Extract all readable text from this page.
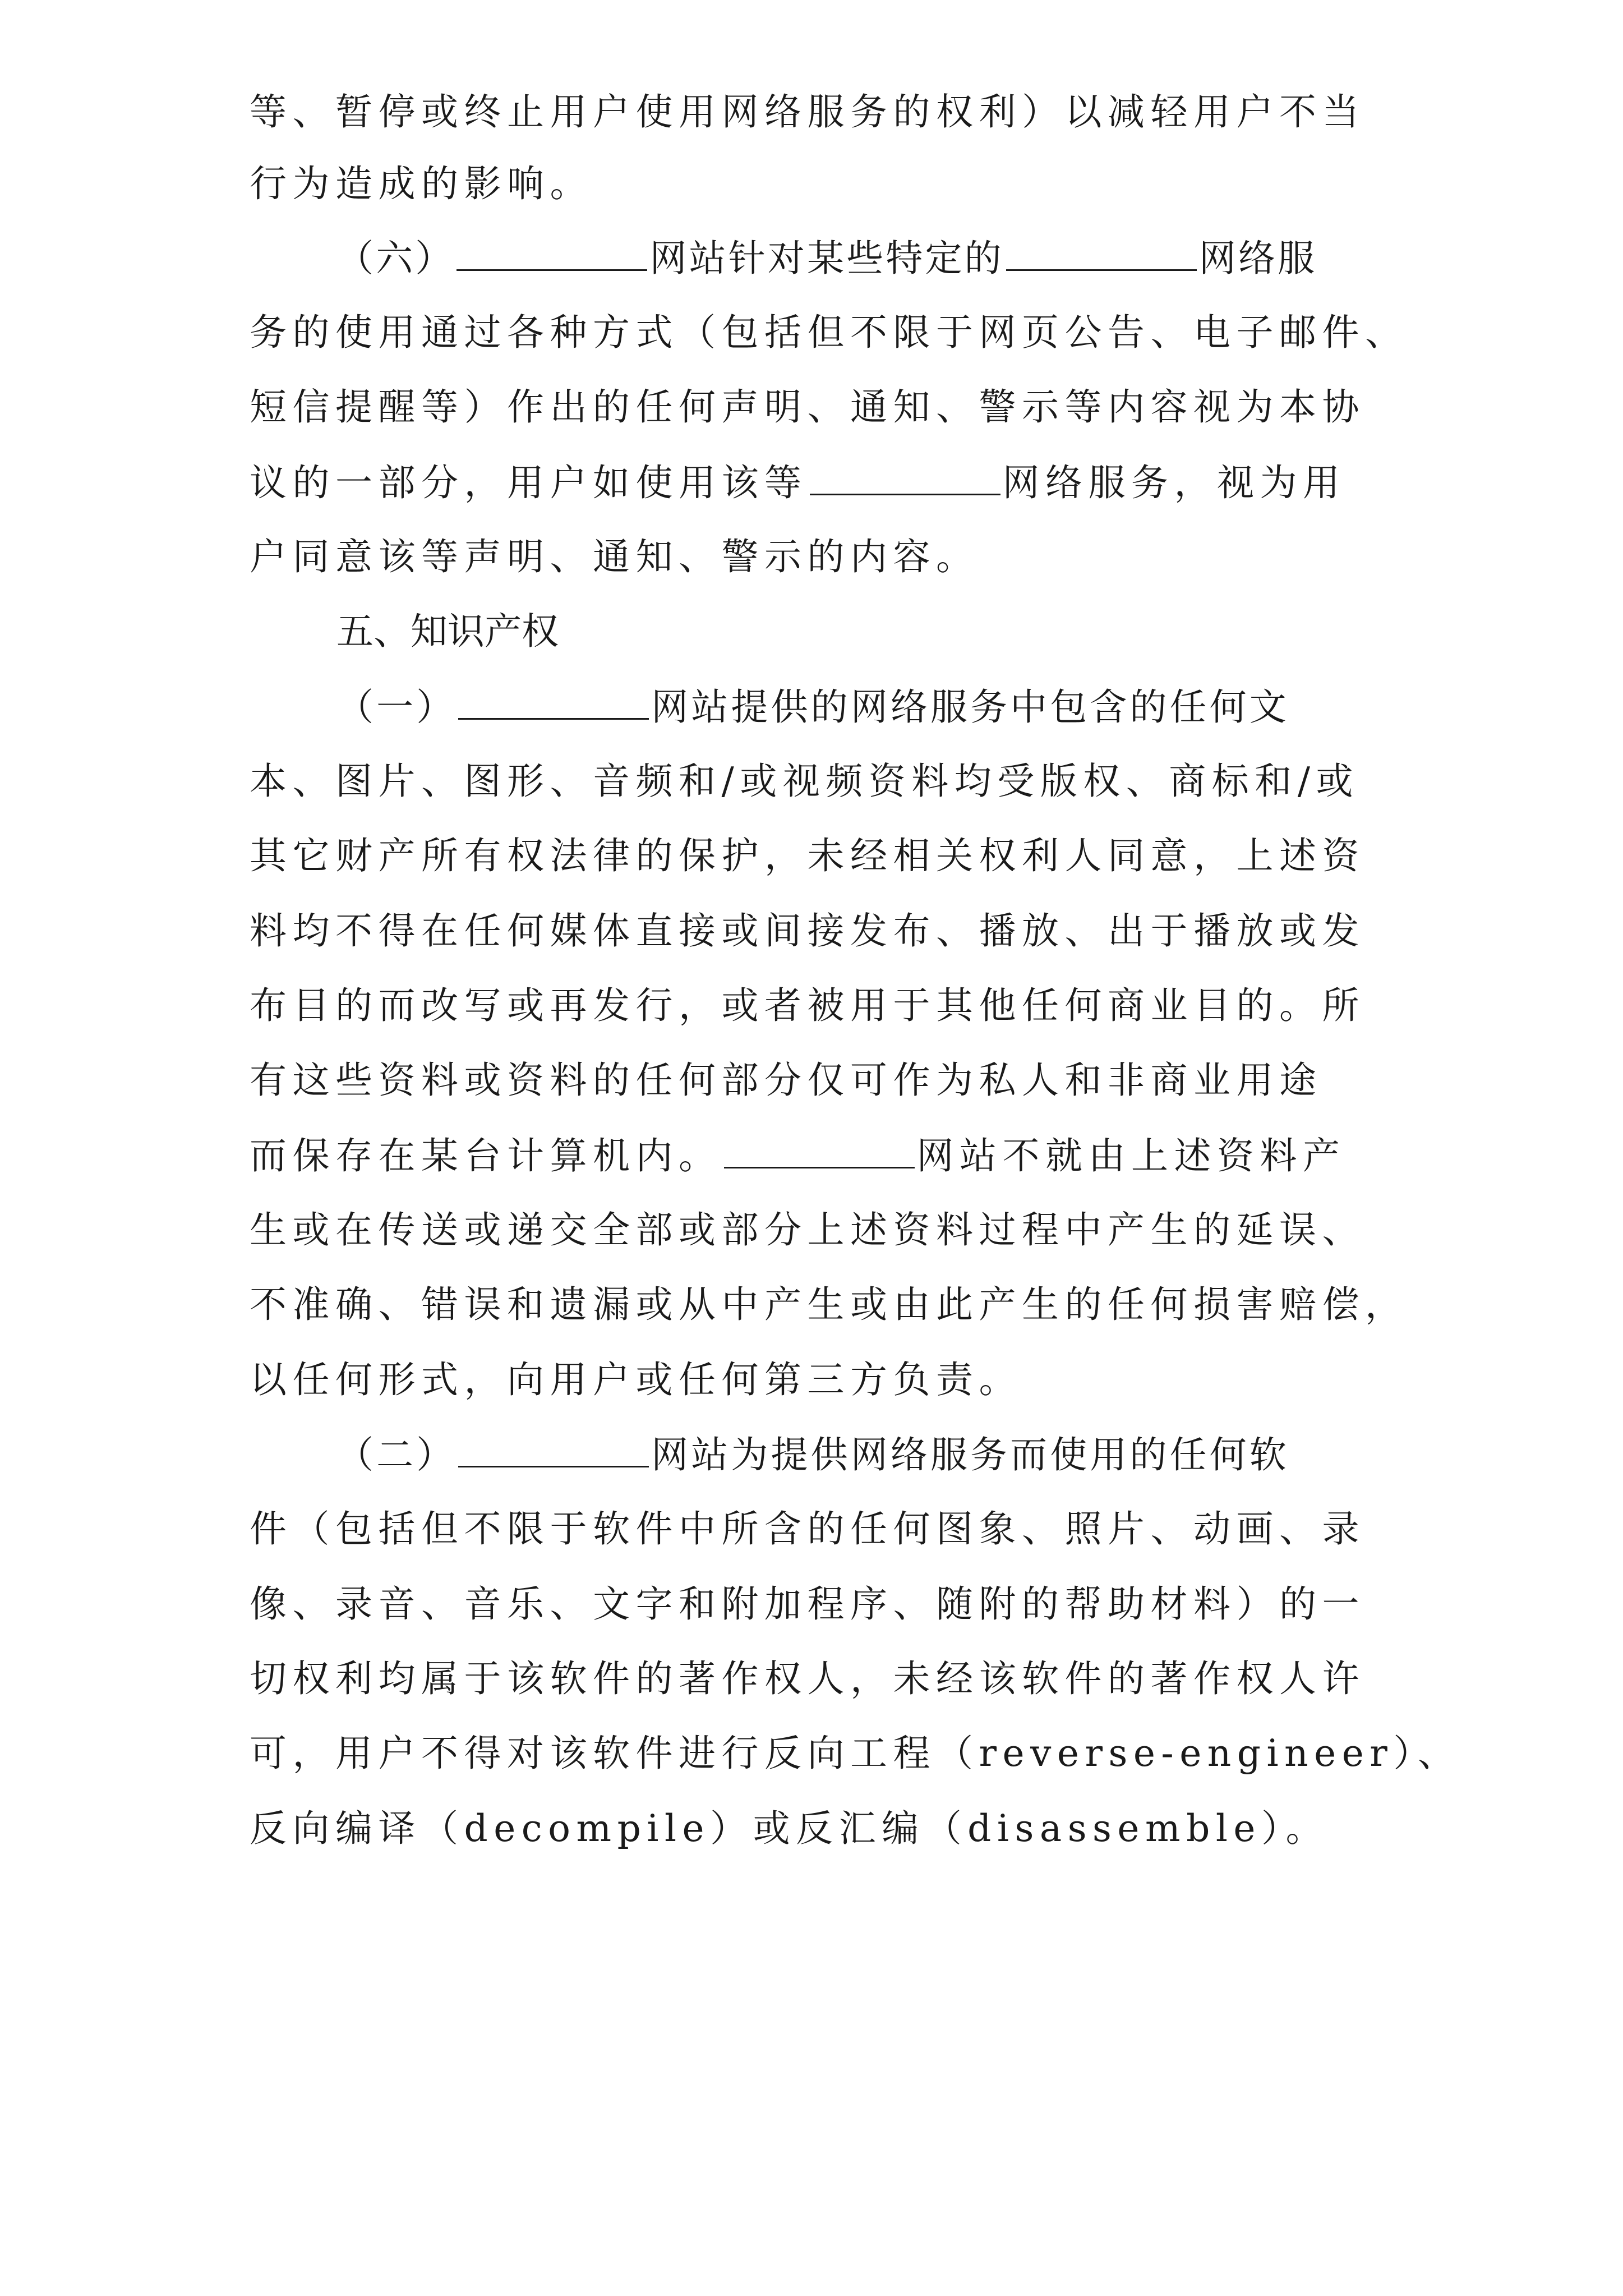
等、暂停或终止用户使用网络服务的权利）以减轻用户不当
行为造成的影响。
（六）	网站针对某些特定的	网络服
务的使用通过各种方式（包括但不限于网页公告、电子邮件、
短信提醒等）作出的任何声明、通知、警示等内容视为本协
议的一部分，用户如使用该等	网络服务，视为用
户同意该等声明、通知、警示的内容。
五、知识产权
（一）	网站提供的网络服务中包含的任何文
本、图片、图形、音频和/或视频资料均受版权、商标和/或
其它财产所有权法律的保护，未经相关权利人同意，上述资
料均不得在任何媒体直接或间接发布、播放、出于播放或发
布目的而改写或再发行，或者被用于其他任何商业目的。所
有这些资料或资料的任何部分仅可作为私人和非商业用途
而保存在某台计算机内。	网站不就由上述资料产
生或在传送或递交全部或部分上述资料过程中产生的延误、
不准确、错误和遗漏或从中产生或由此产生的任何损害赔偿，
以任何形式，向用户或任何第三方负责。
（二）	网站为提供网络服务而使用的任何软
件（包括但不限于软件中所含的任何图象、照片、动画、录
像、录音、音乐、文字和附加程序、随附的帮助材料）的一
切权利均属于该软件的著作权人，未经该软件的著作权人许
可，用户不得对该软件进行反向工程（reverse-engineer）、
反向编译（decompile）或反汇编（disassemble）。
